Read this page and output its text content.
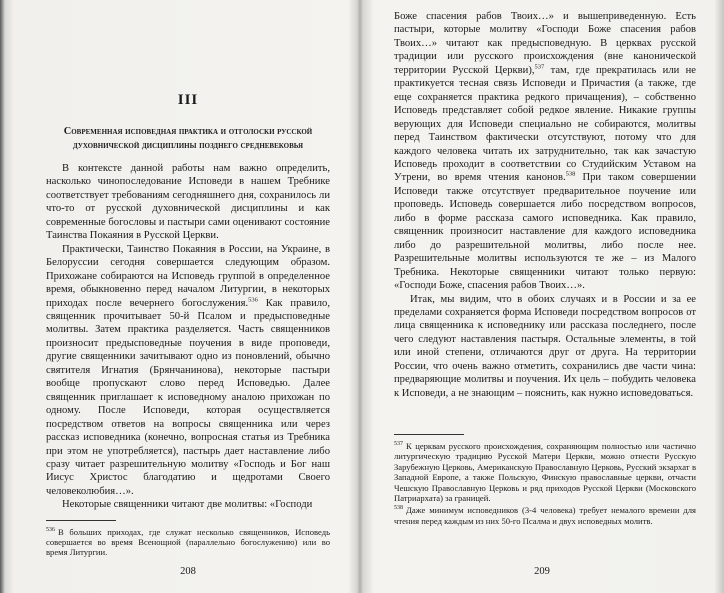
III
Современная исповедная практика и отголоски русской духовнической дисциплины позднего средневековья

В контексте данной работы нам важно определить, насколько чинопоследование Исповеди в нашем Требнике соответствует требованиям сегодняшнего дня, сохранилось ли что-то от русской духовнической дисциплины и как современные богословы и пастыри сами оценивают состояние Таинства Покаяния в Русской Церкви.

Практически, Таинство Покаяния в России, на Украине, в Белоруссии сегодня совершается следующим образом. Прихожане собираются на Исповедь группой в определенное время, обыкновенно перед началом Литургии, в некоторых приходах после вечернего богослужения.$^{536}$ Как правило, священник прочитывает 50-й Псалом и предысповедные молитвы. Затем практика разделяется. Часть священников произносит предысповедные поучения в виде проповеди, другие священники зачитывают одно из поновлений, обычно святителя Игнатия (Брянчанинова), некоторые пастыри вообще пропускают слово перед Исповедью. Далее священник приглашает к исповедному аналою прихожан по одному. После Исповеди, которая осуществляется посредством ответов на вопросы священника или через рассказ исповедника (конечно, вопросная статья из Требника при этом не употребляется), пастырь дает наставление либо сразу читает разрешительную молитву «Господь и Бог наш Иисус Христос благодатию и щедротами Своего человеколюбия…».

Некоторые священники читают две молитвы: «Господи

$^{536}$ В больших приходах, где служат несколько священников, Исповедь совершается во время Всенощной (параллельно богослужению) или во время Литургии.

208

Боже спасения рабов Твоих…» и вышеприведенную. Есть пастыри, которые молитву «Господи Боже спасения рабов Твоих…» читают как предысповедную. В церквах русской традиции или русского происхождения (вне канонической территории Русской Церкви),$^{537}$ там, где прекратилась или не практикуется тесная связь Исповеди и Причастия (а также, где еще сохраняется практика редкого причащения), – собственно Исповедь представляет собой редкое явление. Никакие группы верующих для Исповеди специально не собираются, молитвы перед Таинством фактически отсутствуют, потому что для каждого человека читать их затруднительно, так как зачастую Исповедь проходит в соответствии со Студийским Уставом на Утрени, во время чтения канонов.$^{538}$ При таком совершении Исповеди также отсутствует предварительное поучение или проповедь. Исповедь совершается либо посредством вопросов, либо в форме рассказа самого исповедника. Как правило, священник произносит наставление для каждого исповедника либо до разрешительной молитвы, либо после нее. Разрешительные молитвы используются те же – из Малого Требника. Некоторые священники читают только первую: «Господи Боже, спасения рабов Твоих…».

Итак, мы видим, что в обоих случаях и в России и за ее пределами сохраняется форма Исповеди посредством вопросов от лица священника к исповеднику или рассказа последнего, после чего следуют наставления пастыря. Остальные элементы, в той или иной степени, отличаются друг от друга. На территории России, что очень важно отметить, сохранились две части чина: предваряющие молитвы и поучения. Их цель – побудить человека к Исповеди, а не знающим – пояснить, как нужно исповедоваться.

$^{537}$ К церквам русского происхождения, сохраняющим полностью или частично литургическую традицию Русской Матери Церкви, можно отнести Русскую Зарубежную Церковь, Американскую Православную Церковь, Русский экзархат в Западной Европе, а также Польскую, Финскую православные церкви, отчасти Чешскую Православную Церковь и ряд приходов Русской Церкви (Московского Патриархата) за границей.

$^{538}$ Даже минимум исповедников (3-4 человека) требует немалого времени для чтения перед каждым из них 50-го Псалма и двух исповедных молитв.

209
